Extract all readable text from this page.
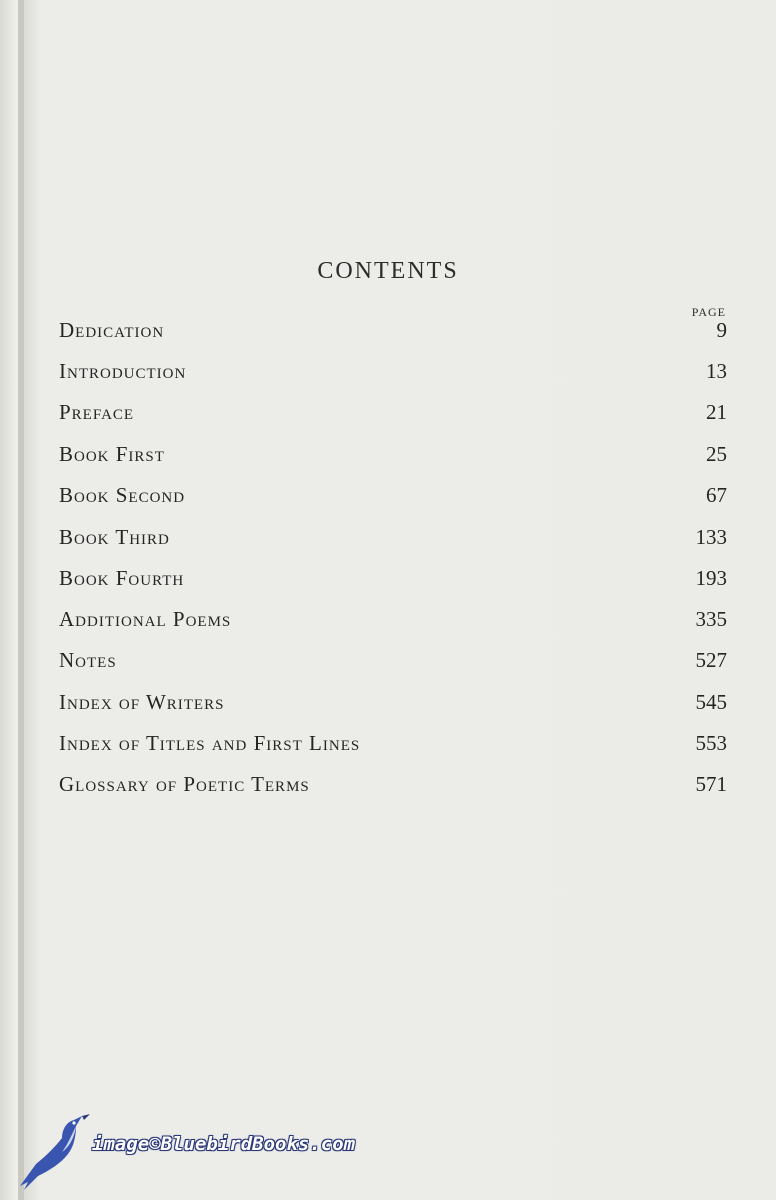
CONTENTS
PAGE
Dedication	9
Introduction	13
Preface	21
Book First	25
Book Second	67
Book Third	133
Book Fourth	193
Additional Poems	335
Notes	527
Index of Writers	545
Index of Titles and First Lines	553
Glossary of Poetic Terms	571
image©BluebirdBooks.com
